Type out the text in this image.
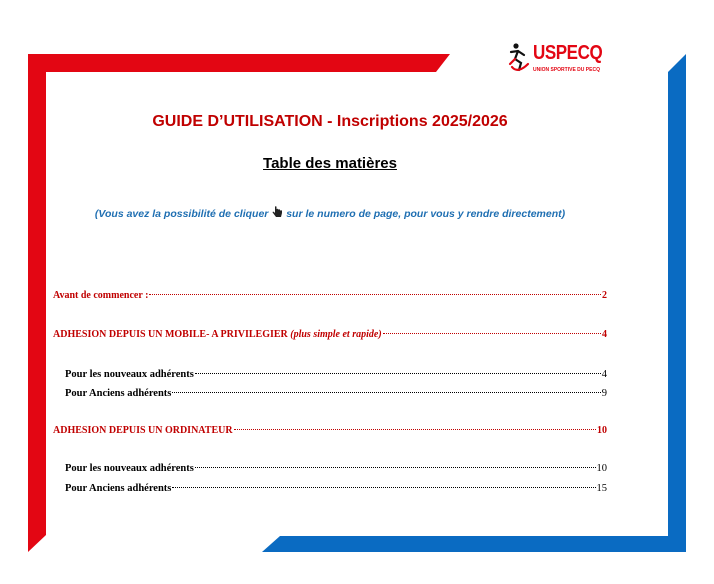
USPECQ
UNION SPORTIVE DU PECQ
GUIDE D’UTILISATION - Inscriptions 2025/2026
Table des matières
(Vous avez la possibilité de cliquer sur le numero de page, pour vous y rendre directement)
Avant de commencer :	2
ADHESION DEPUIS UN MOBILE- A PRIVILEGIER (plus simple et rapide)	4
Pour les nouveaux adhérents	4
Pour Anciens adhérents	9
ADHESION DEPUIS UN ORDINATEUR	10
Pour les nouveaux adhérents	10
Pour Anciens adhérents	15
